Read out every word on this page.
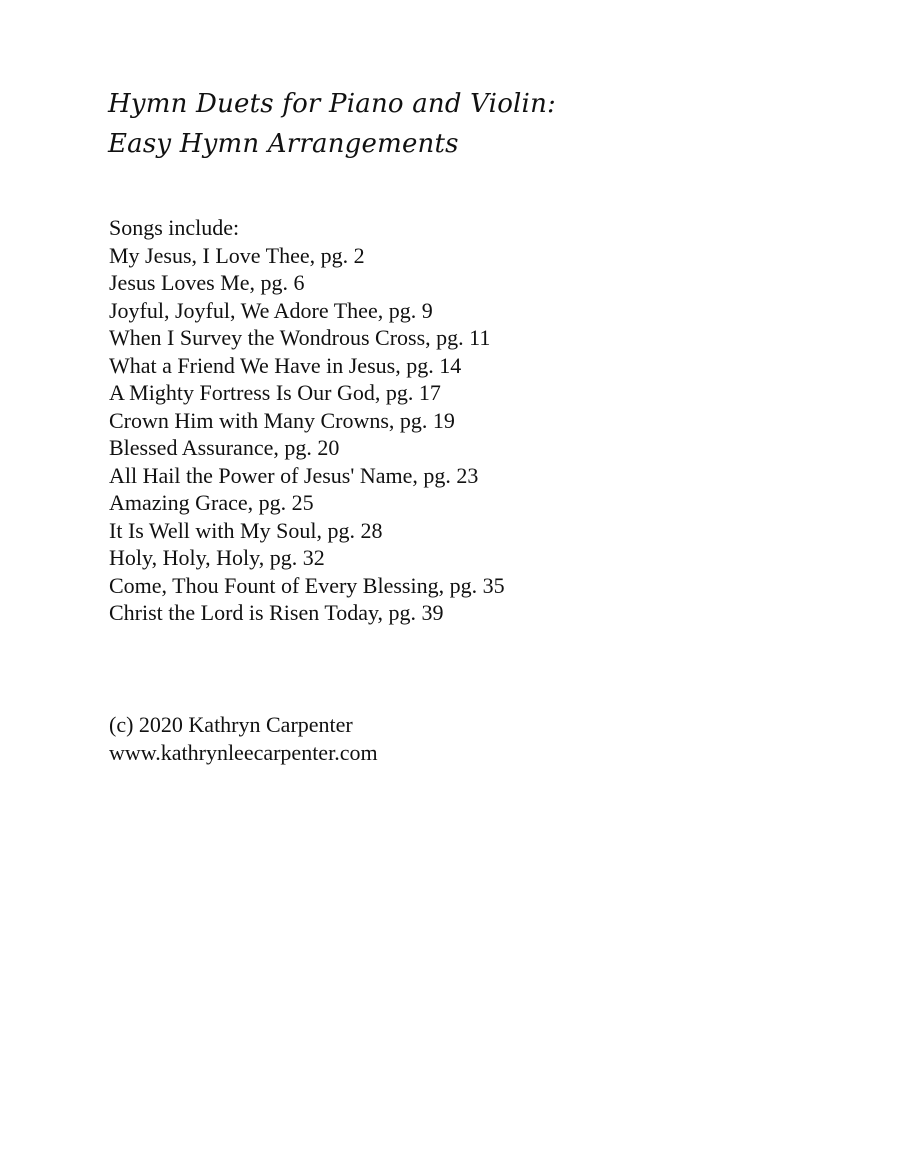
Hymn Duets for Piano and Violin:
Easy Hymn Arrangements
Songs include:
My Jesus, I Love Thee, pg. 2
Jesus Loves Me, pg. 6
Joyful, Joyful, We Adore Thee, pg. 9
When I Survey the Wondrous Cross, pg. 11
What a Friend We Have in Jesus, pg. 14
A Mighty Fortress Is Our God, pg. 17
Crown Him with Many Crowns, pg. 19
Blessed Assurance, pg. 20
All Hail the Power of Jesus' Name, pg. 23
Amazing Grace, pg. 25
It Is Well with My Soul, pg. 28
Holy, Holy, Holy, pg. 32
Come, Thou Fount of Every Blessing, pg. 35
Christ the Lord is Risen Today, pg. 39
(c) 2020 Kathryn Carpenter
www.kathrynleecarpenter.com
